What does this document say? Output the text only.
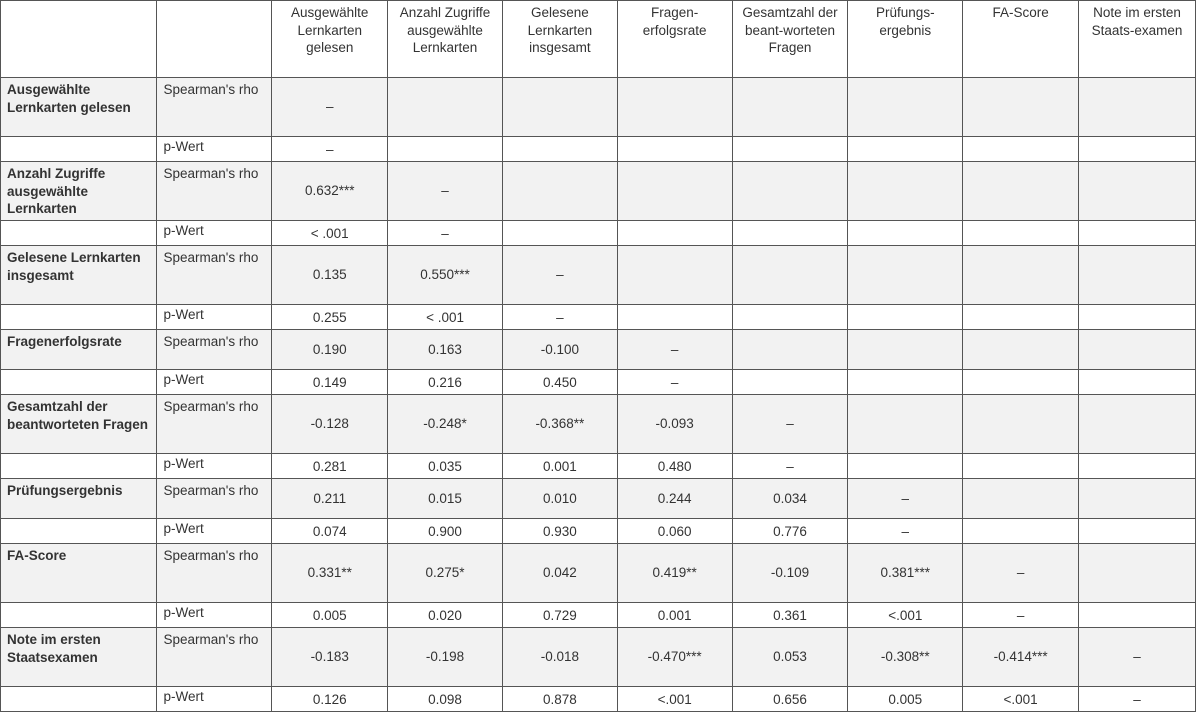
		Ausgewählte Lernkarten gelesen	Anzahl Zugriffe ausgewählte Lernkarten	Gelesene Lernkarten insgesamt	Fragen-erfolgsrate	Gesamtzahl der beant-worteten Fragen	Prüfungs-ergebnis	FA-Score	Note im ersten Staats-examen
Ausgewählte Lernkarten gelesen	Spearman's rho	–							
	p-Wert	–							
Anzahl Zugriffe ausgewählte Lernkarten	Spearman's rho	0.632***	–						
	p-Wert	< .001	–						
Gelesene Lernkarten insgesamt	Spearman's rho	0.135	0.550***	–					
	p-Wert	0.255	< .001	–					
Fragenerfolgsrate	Spearman's rho	0.190	0.163	-0.100	–				
	p-Wert	0.149	0.216	0.450	–				
Gesamtzahl der beantworteten Fragen	Spearman's rho	-0.128	-0.248*	-0.368**	-0.093	–			
	p-Wert	0.281	0.035	0.001	0.480	–			
Prüfungsergebnis	Spearman's rho	0.211	0.015	0.010	0.244	0.034	–		
	p-Wert	0.074	0.900	0.930	0.060	0.776	–		
FA-Score	Spearman's rho	0.331**	0.275*	0.042	0.419**	-0.109	0.381***	–	
	p-Wert	0.005	0.020	0.729	0.001	0.361	<.001	–	
Note im ersten Staatsexamen	Spearman's rho	-0.183	-0.198	-0.018	-0.470***	0.053	-0.308**	-0.414***	–
	p-Wert	0.126	0.098	0.878	<.001	0.656	0.005	<.001	–
